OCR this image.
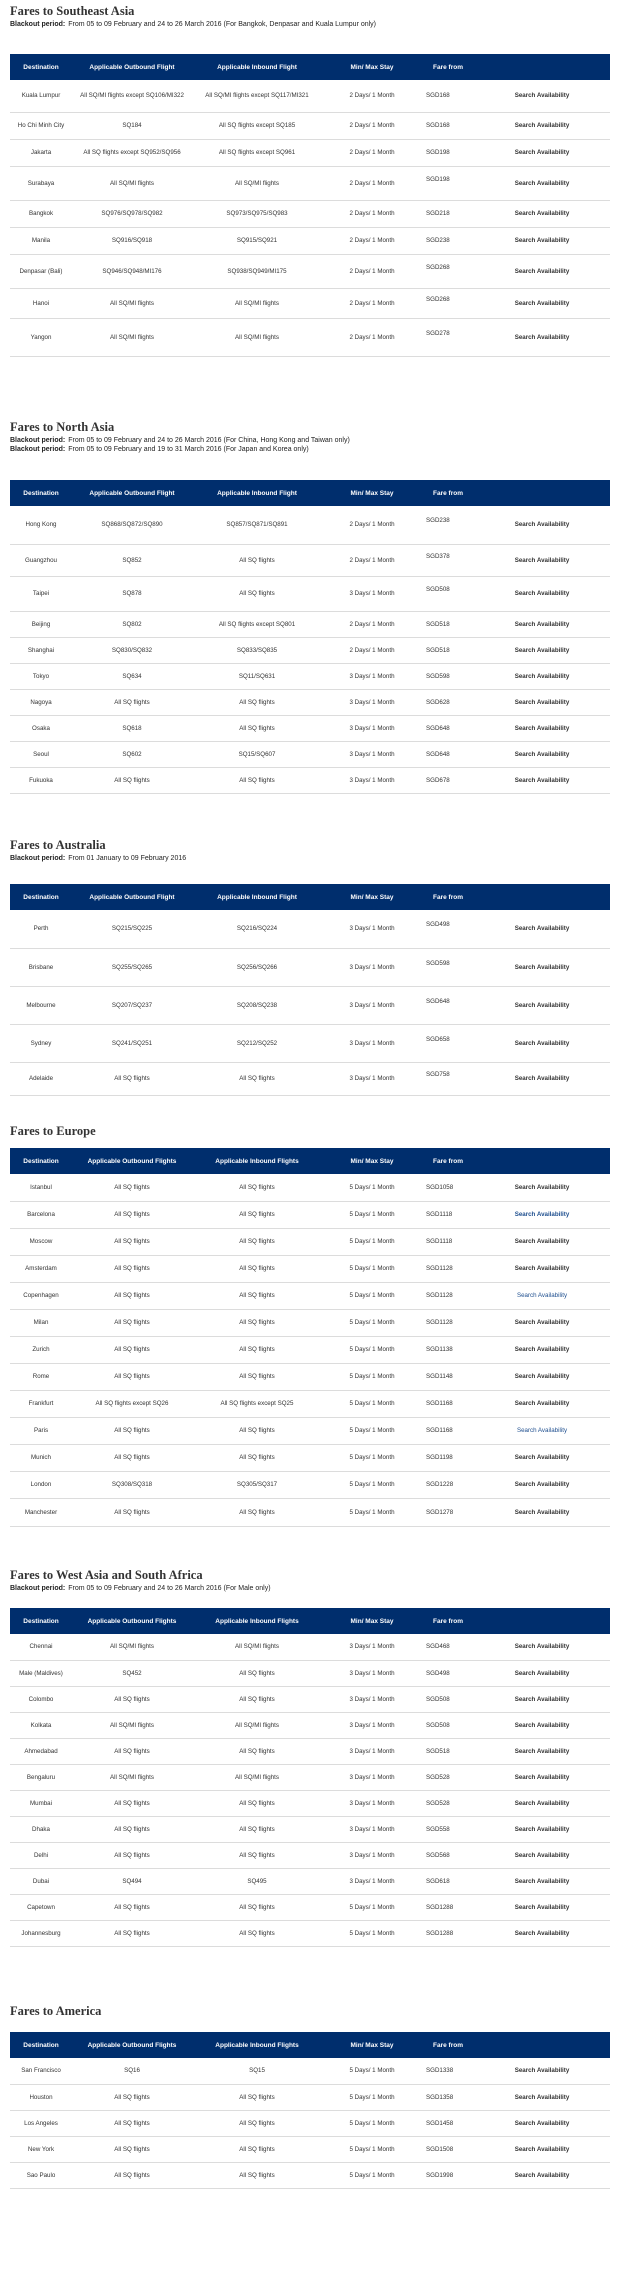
Fares to Southeast Asia
Blackout period: From 05 to 09 February and 24 to 26 March 2016 (For Bangkok, Denpasar and Kuala Lumpur only)
Destination	Applicable Outbound Flight	Applicable Inbound Flight	Min/ Max Stay	Fare from	
Kuala Lumpur	All SQ/MI flights except SQ106/MI322	All SQ/MI flights except SQ117/MI321	2 Days/ 1 Month	SGD168	Search Availability
Ho Chi Minh City	SQ184	All SQ flights except SQ185	2 Days/ 1 Month	SGD168	Search Availability
Jakarta	All SQ flights except SQ952/SQ956	All SQ flights except SQ961	2 Days/ 1 Month	SGD198	Search Availability
Surabaya	All SQ/MI flights	All SQ/MI flights	2 Days/ 1 Month	SGD198	Search Availability
Bangkok	SQ976/SQ978/SQ982	SQ973/SQ975/SQ983	2 Days/ 1 Month	SGD218	Search Availability
Manila	SQ916/SQ918	SQ915/SQ921	2 Days/ 1 Month	SGD238	Search Availability
Denpasar (Bali)	SQ946/SQ948/MI176	SQ938/SQ949/MI175	2 Days/ 1 Month	SGD268	Search Availability
Hanoi	All SQ/MI flights	All SQ/MI flights	2 Days/ 1 Month	SGD268	Search Availability
Yangon	All SQ/MI flights	All SQ/MI flights	2 Days/ 1 Month	SGD278	Search Availability
Fares to North Asia
Blackout period: From 05 to 09 February and 24 to 26 March 2016 (For China, Hong Kong and Taiwan only)
Blackout period: From 05 to 09 February and 19 to 31 March 2016 (For Japan and Korea only)
Destination	Applicable Outbound Flight	Applicable Inbound Flight	Min/ Max Stay	Fare from	
Hong Kong	SQ868/SQ872/SQ890	SQ857/SQ871/SQ891	2 Days/ 1 Month	SGD238	Search Availability
Guangzhou	SQ852	All SQ flights	2 Days/ 1 Month	SGD378	Search Availability
Taipei	SQ878	All SQ flights	3 Days/ 1 Month	SGD508	Search Availability
Beijing	SQ802	All SQ flights except SQ801	2 Days/ 1 Month	SGD518	Search Availability
Shanghai	SQ830/SQ832	SQ833/SQ835	2 Days/ 1 Month	SGD518	Search Availability
Tokyo	SQ634	SQ11/SQ631	3 Days/ 1 Month	SGD598	Search Availability
Nagoya	All SQ flights	All SQ flights	3 Days/ 1 Month	SGD628	Search Availability
Osaka	SQ618	All SQ flights	3 Days/ 1 Month	SGD648	Search Availability
Seoul	SQ602	SQ15/SQ607	3 Days/ 1 Month	SGD648	Search Availability
Fukuoka	All SQ flights	All SQ flights	3 Days/ 1 Month	SGD678	Search Availability
Fares to Australia
Blackout period: From 01 January to 09 February 2016
Destination	Applicable Outbound Flight	Applicable Inbound Flight	Min/ Max Stay	Fare from	
Perth	SQ215/SQ225	SQ216/SQ224	3 Days/ 1 Month	SGD498	Search Availability
Brisbane	SQ255/SQ265	SQ256/SQ266	3 Days/ 1 Month	SGD598	Search Availability
Melbourne	SQ207/SQ237	SQ208/SQ238	3 Days/ 1 Month	SGD648	Search Availability
Sydney	SQ241/SQ251	SQ212/SQ252	3 Days/ 1 Month	SGD658	Search Availability
Adelaide	All SQ flights	All SQ flights	3 Days/ 1 Month	SGD758	Search Availability
Fares to Europe
Destination	Applicable Outbound Flights	Applicable Inbound Flights	Min/ Max Stay	Fare from	
Istanbul	All SQ flights	All SQ flights	5 Days/ 1 Month	SGD1058	Search Availability
Barcelona	All SQ flights	All SQ flights	5 Days/ 1 Month	SGD1118	Search Availability
Moscow	All SQ flights	All SQ flights	5 Days/ 1 Month	SGD1118	Search Availability
Amsterdam	All SQ flights	All SQ flights	5 Days/ 1 Month	SGD1128	Search Availability
Copenhagen	All SQ flights	All SQ flights	5 Days/ 1 Month	SGD1128	Search Availability
Milan	All SQ flights	All SQ flights	5 Days/ 1 Month	SGD1128	Search Availability
Zurich	All SQ flights	All SQ flights	5 Days/ 1 Month	SGD1138	Search Availability
Rome	All SQ flights	All SQ flights	5 Days/ 1 Month	SGD1148	Search Availability
Frankfurt	All SQ flights except SQ26	All SQ flights except SQ25	5 Days/ 1 Month	SGD1168	Search Availability
Paris	All SQ flights	All SQ flights	5 Days/ 1 Month	SGD1168	Search Availability
Munich	All SQ flights	All SQ flights	5 Days/ 1 Month	SGD1198	Search Availability
London	SQ308/SQ318	SQ305/SQ317	5 Days/ 1 Month	SGD1228	Search Availability
Manchester	All SQ flights	All SQ flights	5 Days/ 1 Month	SGD1278	Search Availability
Fares to West Asia and South Africa
Blackout period: From 05 to 09 February and 24 to 26 March 2016 (For Male only)
Destination	Applicable Outbound Flights	Applicable Inbound Flights	Min/ Max Stay	Fare from	
Chennai	All SQ/MI flights	All SQ/MI flights	3 Days/ 1 Month	SGD468	Search Availability
Male (Maldives)	SQ452	All SQ flights	3 Days/ 1 Month	SGD498	Search Availability
Colombo	All SQ flights	All SQ flights	3 Days/ 1 Month	SGD508	Search Availability
Kolkata	All SQ/MI flights	All SQ/MI flights	3 Days/ 1 Month	SGD508	Search Availability
Ahmedabad	All SQ flights	All SQ flights	3 Days/ 1 Month	SGD518	Search Availability
Bengaluru	All SQ/MI flights	All SQ/MI flights	3 Days/ 1 Month	SGD528	Search Availability
Mumbai	All SQ flights	All SQ flights	3 Days/ 1 Month	SGD528	Search Availability
Dhaka	All SQ flights	All SQ flights	3 Days/ 1 Month	SGD558	Search Availability
Delhi	All SQ flights	All SQ flights	3 Days/ 1 Month	SGD568	Search Availability
Dubai	SQ494	SQ495	3 Days/ 1 Month	SGD618	Search Availability
Capetown	All SQ flights	All SQ flights	5 Days/ 1 Month	SGD1288	Search Availability
Johannesburg	All SQ flights	All SQ flights	5 Days/ 1 Month	SGD1288	Search Availability
Fares to America
Destination	Applicable Outbound Flights	Applicable Inbound Flights	Min/ Max Stay	Fare from	
San Francisco	SQ16	SQ15	5 Days/ 1 Month	SGD1338	Search Availability
Houston	All SQ flights	All SQ flights	5 Days/ 1 Month	SGD1358	Search Availability
Los Angeles	All SQ flights	All SQ flights	5 Days/ 1 Month	SGD1458	Search Availability
New York	All SQ flights	All SQ flights	5 Days/ 1 Month	SGD1508	Search Availability
Sao Paulo	All SQ flights	All SQ flights	5 Days/ 1 Month	SGD1998	Search Availability
